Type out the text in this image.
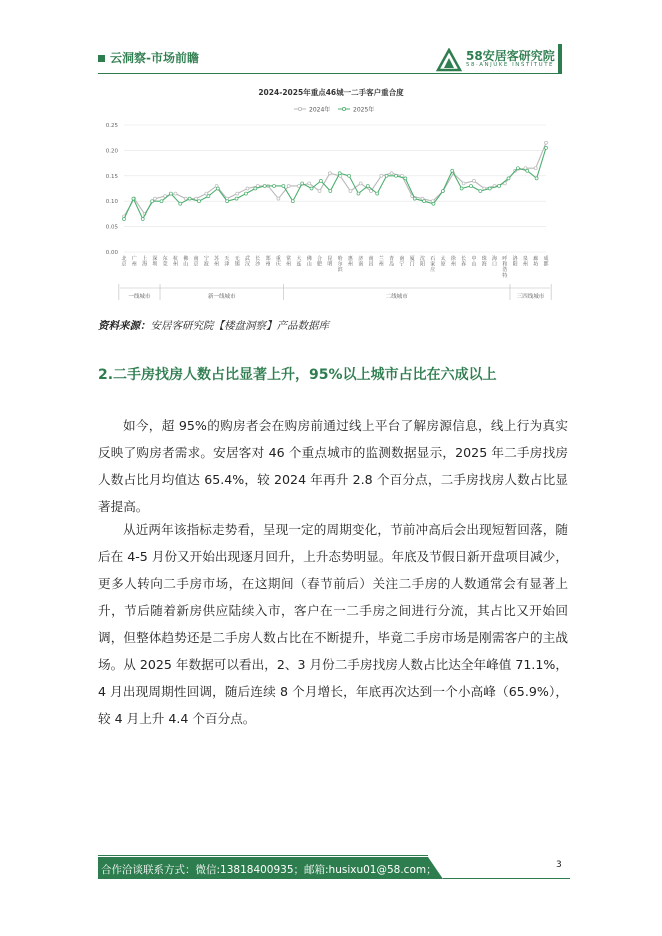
云洞察-市场前瞻	58安居客研究院
58·ANJUKE INSTITUTE
2024-2025年重点46城一二手客户重合度
2024年	2025年
0.25
0.20
0.15
0.10
0.05
0.00
北京
广州
上海
深圳
东莞
杭州
佛山
南京
宁波
苏州
天津
无锡
武汉
长沙
郑州
重庆
常州
大连
佛山
合肥
昆明
哈尔滨
惠州
济南
南昌
兰州
青岛
南宁
厦门
沈阳
石家庄
太原
徐州
长春
中山
珠海
海口
呼和浩特
洛阳
泉州
廊坊
成都
一线城市	新一线城市	二线城市	三四线城市
资料来源：安居客研究院【楼盘洞察】产品数据库
2.二手房找房人数占比显著上升，95%以上城市占比在六成以上

如今，超 95%的购房者会在购房前通过线上平台了解房源信息，线上行为真实反映了购房者需求。安居客对 46 个重点城市的监测数据显示，2025 年二手房找房人数占比月均值达 65.4%，较 2024 年再升 2.8 个百分点，二手房找房人数占比显著提高。

从近两年该指标走势看，呈现一定的周期变化，节前冲高后会出现短暂回落，随后在 4-5 月份又开始出现逐月回升，上升态势明显。年底及节假日新开盘项目减少，更多人转向二手房市场，在这期间（春节前后）关注二手房的人数通常会有显著上升，节后随着新房供应陆续入市，客户在一二手房之间进行分流，其占比又开始回调，但整体趋势还是二手房人数占比在不断提升，毕竟二手房市场是刚需客户的主战场。从 2025 年数据可以看出，2、3 月份二手房找房人数占比达全年峰值 71.1%，4 月出现周期性回调，随后连续 8 个月增长，年底再次达到一个小高峰（65.9%），较 4 月上升 4.4 个百分点。

合作洽谈联系方式：微信:13818400935；邮箱:husixu01@58.com；	3
